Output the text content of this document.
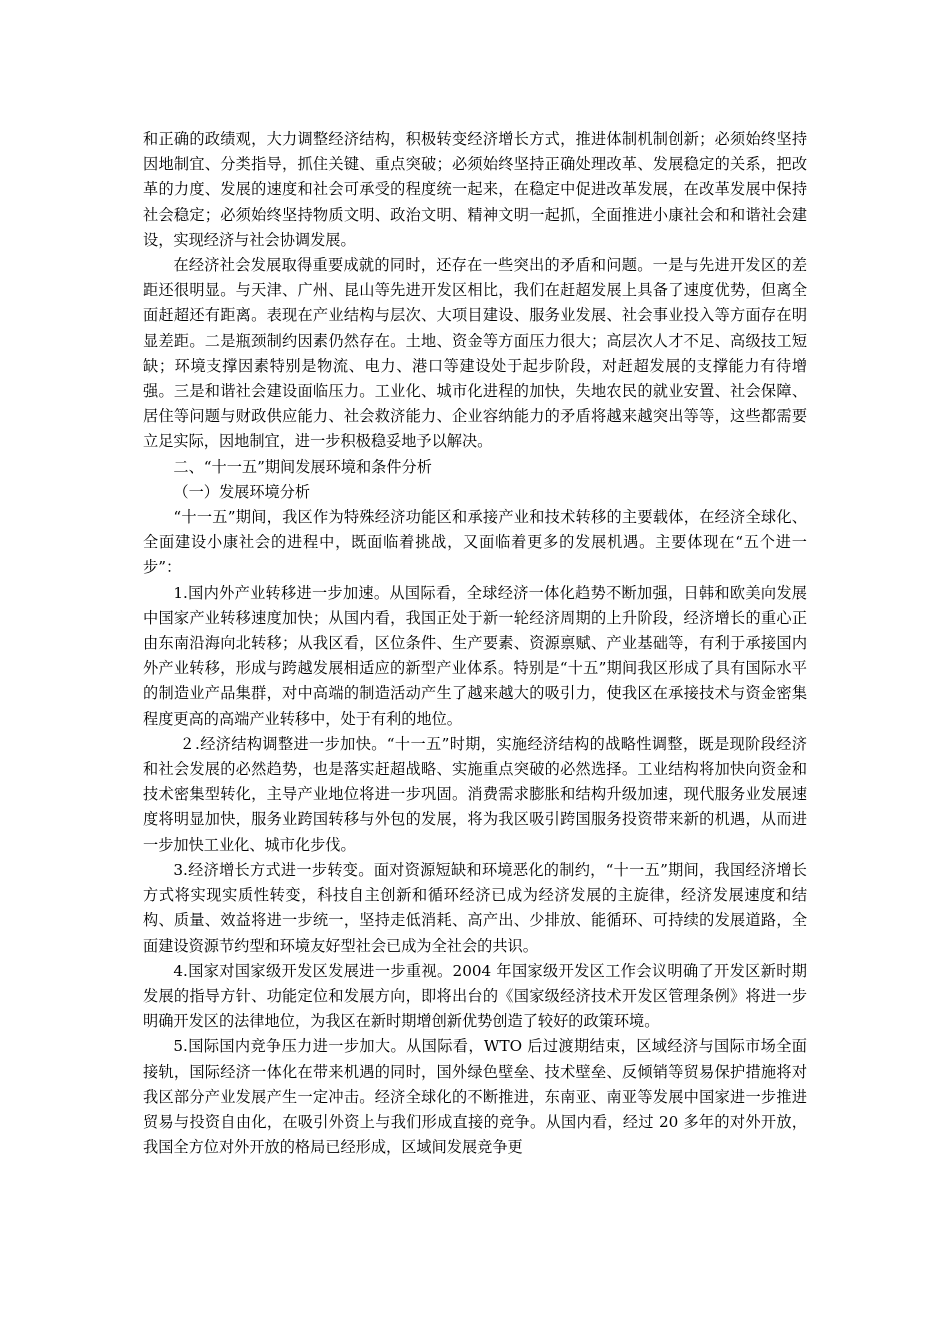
和正确的政绩观，大力调整经济结构，积极转变经济增长方式，推进体制机制创新；必须始终坚持因地制宜、分类指导，抓住关键、重点突破；必须始终坚持正确处理改革、发展稳定的关系，把改革的力度、发展的速度和社会可承受的程度统一起来，在稳定中促进改革发展，在改革发展中保持社会稳定；必须始终坚持物质文明、政治文明、精神文明一起抓，全面推进小康社会和和谐社会建设，实现经济与社会协调发展。

在经济社会发展取得重要成就的同时，还存在一些突出的矛盾和问题。一是与先进开发区的差距还很明显。与天津、广州、昆山等先进开发区相比，我们在赶超发展上具备了速度优势，但离全面赶超还有距离。表现在产业结构与层次、大项目建设、服务业发展、社会事业投入等方面存在明显差距。二是瓶颈制约因素仍然存在。土地、资金等方面压力很大；高层次人才不足、高级技工短缺；环境支撑因素特别是物流、电力、港口等建设处于起步阶段，对赶超发展的支撑能力有待增强。三是和谐社会建设面临压力。工业化、城市化进程的加快，失地农民的就业安置、社会保障、居住等问题与财政供应能力、社会救济能力、企业容纳能力的矛盾将越来越突出等等，这些都需要立足实际，因地制宜，进一步积极稳妥地予以解决。

二、“十一五”期间发展环境和条件分析

（一）发展环境分析

“十一五”期间，我区作为特殊经济功能区和承接产业和技术转移的主要载体，在经济全球化、全面建设小康社会的进程中，既面临着挑战，又面临着更多的发展机遇。主要体现在“五个进一步”：

1.国内外产业转移进一步加速。从国际看，全球经济一体化趋势不断加强，日韩和欧美向发展中国家产业转移速度加快；从国内看，我国正处于新一轮经济周期的上升阶段，经济增长的重心正由东南沿海向北转移；从我区看，区位条件、生产要素、资源禀赋、产业基础等，有利于承接国内外产业转移，形成与跨越发展相适应的新型产业体系。特别是“十五”期间我区形成了具有国际水平的制造业产品集群，对中高端的制造活动产生了越来越大的吸引力，使我区在承接技术与资金密集程度更高的高端产业转移中，处于有利的地位。

２.经济结构调整进一步加快。“十一五”时期，实施经济结构的战略性调整，既是现阶段经济和社会发展的必然趋势，也是落实赶超战略、实施重点突破的必然选择。工业结构将加快向资金和技术密集型转化，主导产业地位将进一步巩固。消费需求膨胀和结构升级加速，现代服务业发展速度将明显加快，服务业跨国转移与外包的发展，将为我区吸引跨国服务投资带来新的机遇，从而进一步加快工业化、城市化步伐。

3.经济增长方式进一步转变。面对资源短缺和环境恶化的制约，“十一五”期间，我国经济增长方式将实现实质性转变，科技自主创新和循环经济已成为经济发展的主旋律，经济发展速度和结构、质量、效益将进一步统一，坚持走低消耗、高产出、少排放、能循环、可持续的发展道路，全面建设资源节约型和环境友好型社会已成为全社会的共识。

4.国家对国家级开发区发展进一步重视。2004 年国家级开发区工作会议明确了开发区新时期发展的指导方针、功能定位和发展方向，即将出台的《国家级经济技术开发区管理条例》将进一步明确开发区的法律地位，为我区在新时期增创新优势创造了较好的政策环境。

5.国际国内竞争压力进一步加大。从国际看，WTO 后过渡期结束，区域经济与国际市场全面接轨，国际经济一体化在带来机遇的同时，国外绿色壁垒、技术壁垒、反倾销等贸易保护措施将对我区部分产业发展产生一定冲击。经济全球化的不断推进，东南亚、南亚等发展中国家进一步推进贸易与投资自由化，在吸引外资上与我们形成直接的竞争。从国内看，经过 20 多年的对外开放，我国全方位对外开放的格局已经形成，区域间发展竞争更
